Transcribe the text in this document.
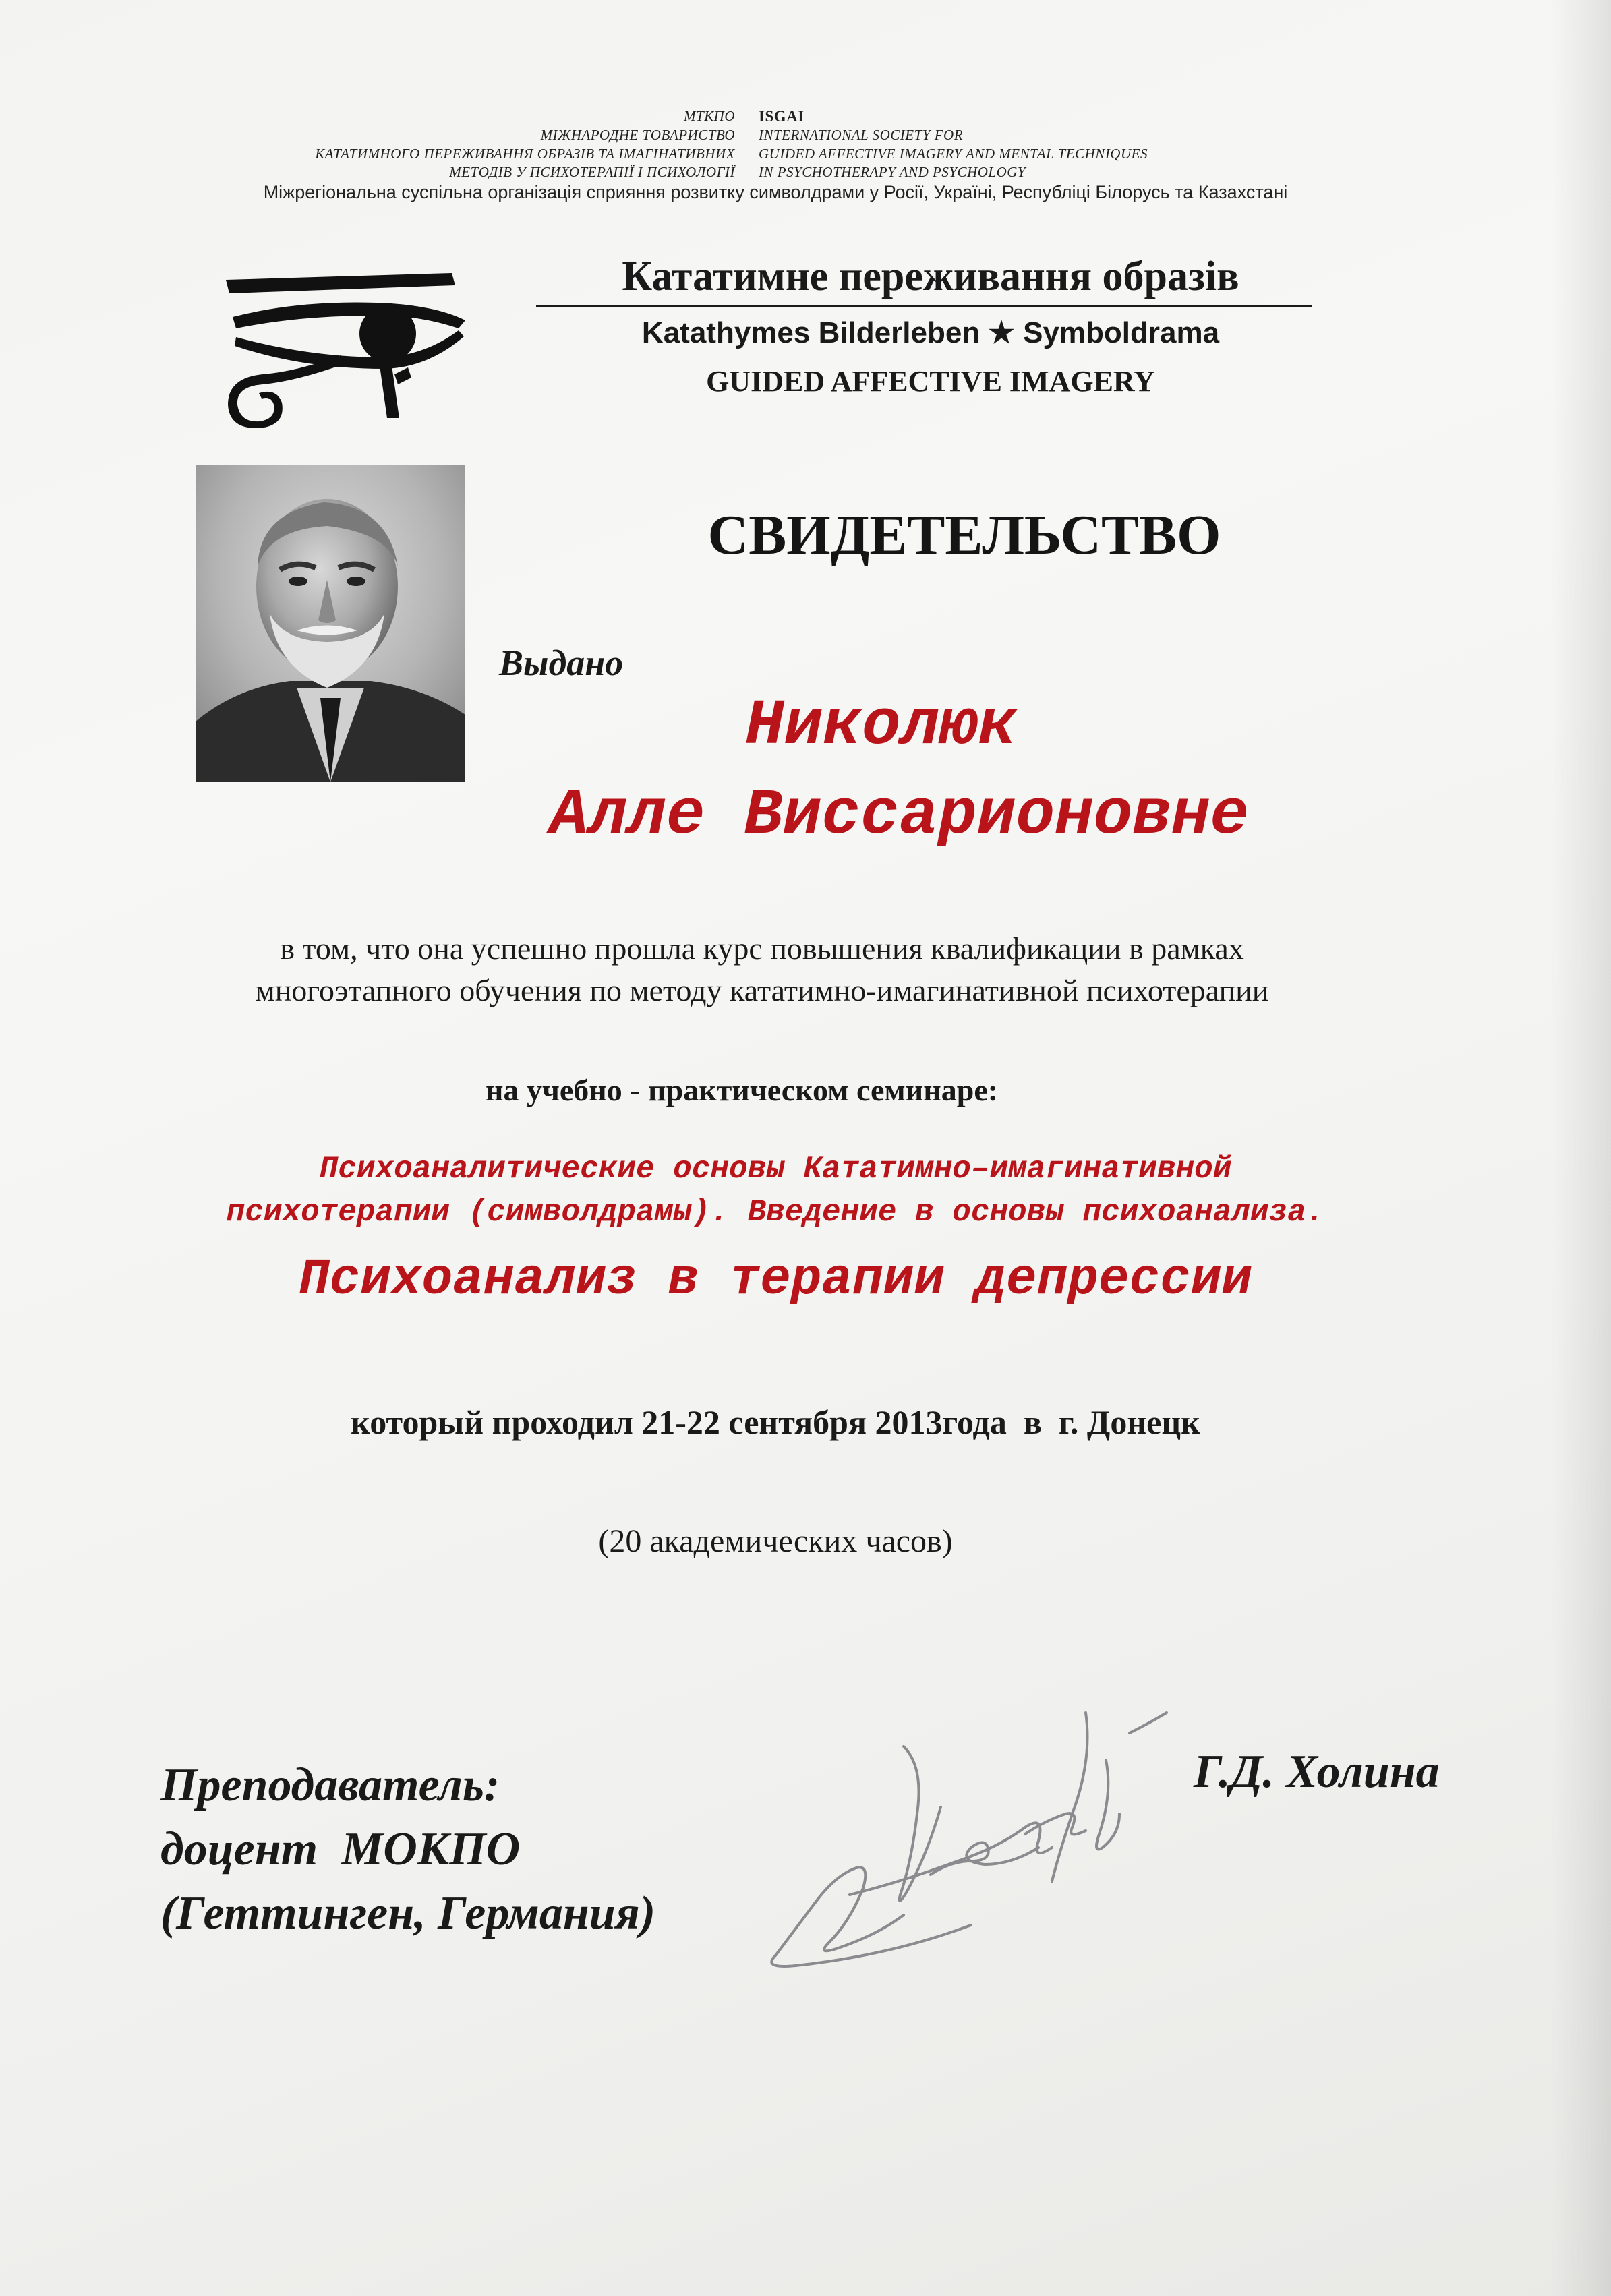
МТКПО
МІЖНАРОДНЕ ТОВАРИСТВО
КАТАТИМНОГО ПЕРЕЖИВАННЯ ОБРАЗІВ ТА ІМАГІНАТИВНИХ
ISGAI
INTERNATIONAL SOCIETY FOR
GUIDED AFFECTIVE IMAGERY AND MENTAL TECHNIQUES
МЕТОДІВ У ПСИХОТЕРАПІЇ І ПСИХОЛОГІЇ IN PSYCHOTHERAPY AND PSYCHOLOGY
Міжрегіональна суспільна організація сприяння розвитку символдрами у Росії, Україні, Республіці Білорусь та Казахстані
Кататимне переживання образів
Katathymes Bilderleben ★ Symboldrama
GUIDED AFFECTIVE IMAGERY
СВИДЕТЕЛЬСТВО
Выдано
Николюк
Алле Виссарионовне
в том, что она успешно прошла курс повышения квалификации в рамках
многоэтапного обучения по методу кататимно-имагинативной психотерапии
на учебно - практическом семинаре:
Психоаналитические основы Кататимно–имагинативной
психотерапии (символдрамы). Введение в основы психоанализа.
Психоанализ в терапии депрессии
который проходил 21-22 сентября 2013года  в  г. Донецк
(20 академических часов)
Преподаватель:
доцент  МОКПО
(Геттинген, Германия)
Г.Д. Холина
